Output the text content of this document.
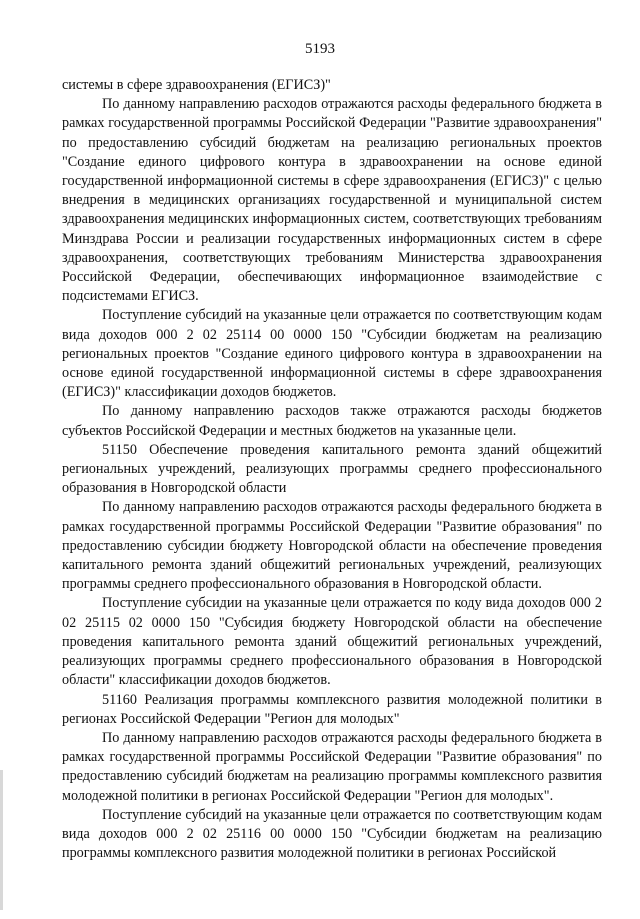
5193

системы в сфере здравоохранения (ЕГИСЗ)"

По данному направлению расходов отражаются расходы федерального бюджета в рамках государственной программы Российской Федерации "Развитие здравоохранения" по предоставлению субсидий бюджетам на реализацию региональных проектов "Создание единого цифрового контура в здравоохранении на основе единой государственной информационной системы в сфере здравоохранения (ЕГИСЗ)" с целью внедрения в медицинских организациях государственной и муниципальной систем здравоохранения медицинских информационных систем, соответствующих требованиям Минздрава России и реализации государственных информационных систем в сфере здравоохранения, соответствующих требованиям Министерства здравоохранения Российской Федерации, обеспечивающих информационное взаимодействие с подсистемами ЕГИСЗ.

Поступление субсидий на указанные цели отражается по соответствующим кодам вида доходов 000 2 02 25114 00 0000 150 "Субсидии бюджетам на реализацию региональных проектов "Создание единого цифрового контура в здравоохранении на основе единой государственной информационной системы в сфере здравоохранения (ЕГИСЗ)" классификации доходов бюджетов.

По данному направлению расходов также отражаются расходы бюджетов субъектов Российской Федерации и местных бюджетов на указанные цели.

51150 Обеспечение проведения капитального ремонта зданий общежитий региональных учреждений, реализующих программы среднего профессионального образования в Новгородской области

По данному направлению расходов отражаются расходы федерального бюджета в рамках государственной программы Российской Федерации "Развитие образования" по предоставлению субсидии бюджету Новгородской области на обеспечение проведения капитального ремонта зданий общежитий региональных учреждений, реализующих программы среднего профессионального образования в Новгородской области.

Поступление субсидии на указанные цели отражается по коду вида доходов 000 2 02 25115 02 0000 150 "Субсидия бюджету Новгородской области на обеспечение проведения капитального ремонта зданий общежитий региональных учреждений, реализующих программы среднего профессионального образования в Новгородской области" классификации доходов бюджетов.

51160 Реализация программы комплексного развития молодежной политики в регионах Российской Федерации "Регион для молодых"

По данному направлению расходов отражаются расходы федерального бюджета в рамках государственной программы Российской Федерации "Развитие образования" по предоставлению субсидий бюджетам на реализацию программы комплексного развития молодежной политики в регионах Российской Федерации "Регион для молодых".

Поступление субсидий на указанные цели отражается по соответствующим кодам вида доходов 000 2 02 25116 00 0000 150 "Субсидии бюджетам на реализацию программы комплексного развития молодежной политики в регионах Российской
